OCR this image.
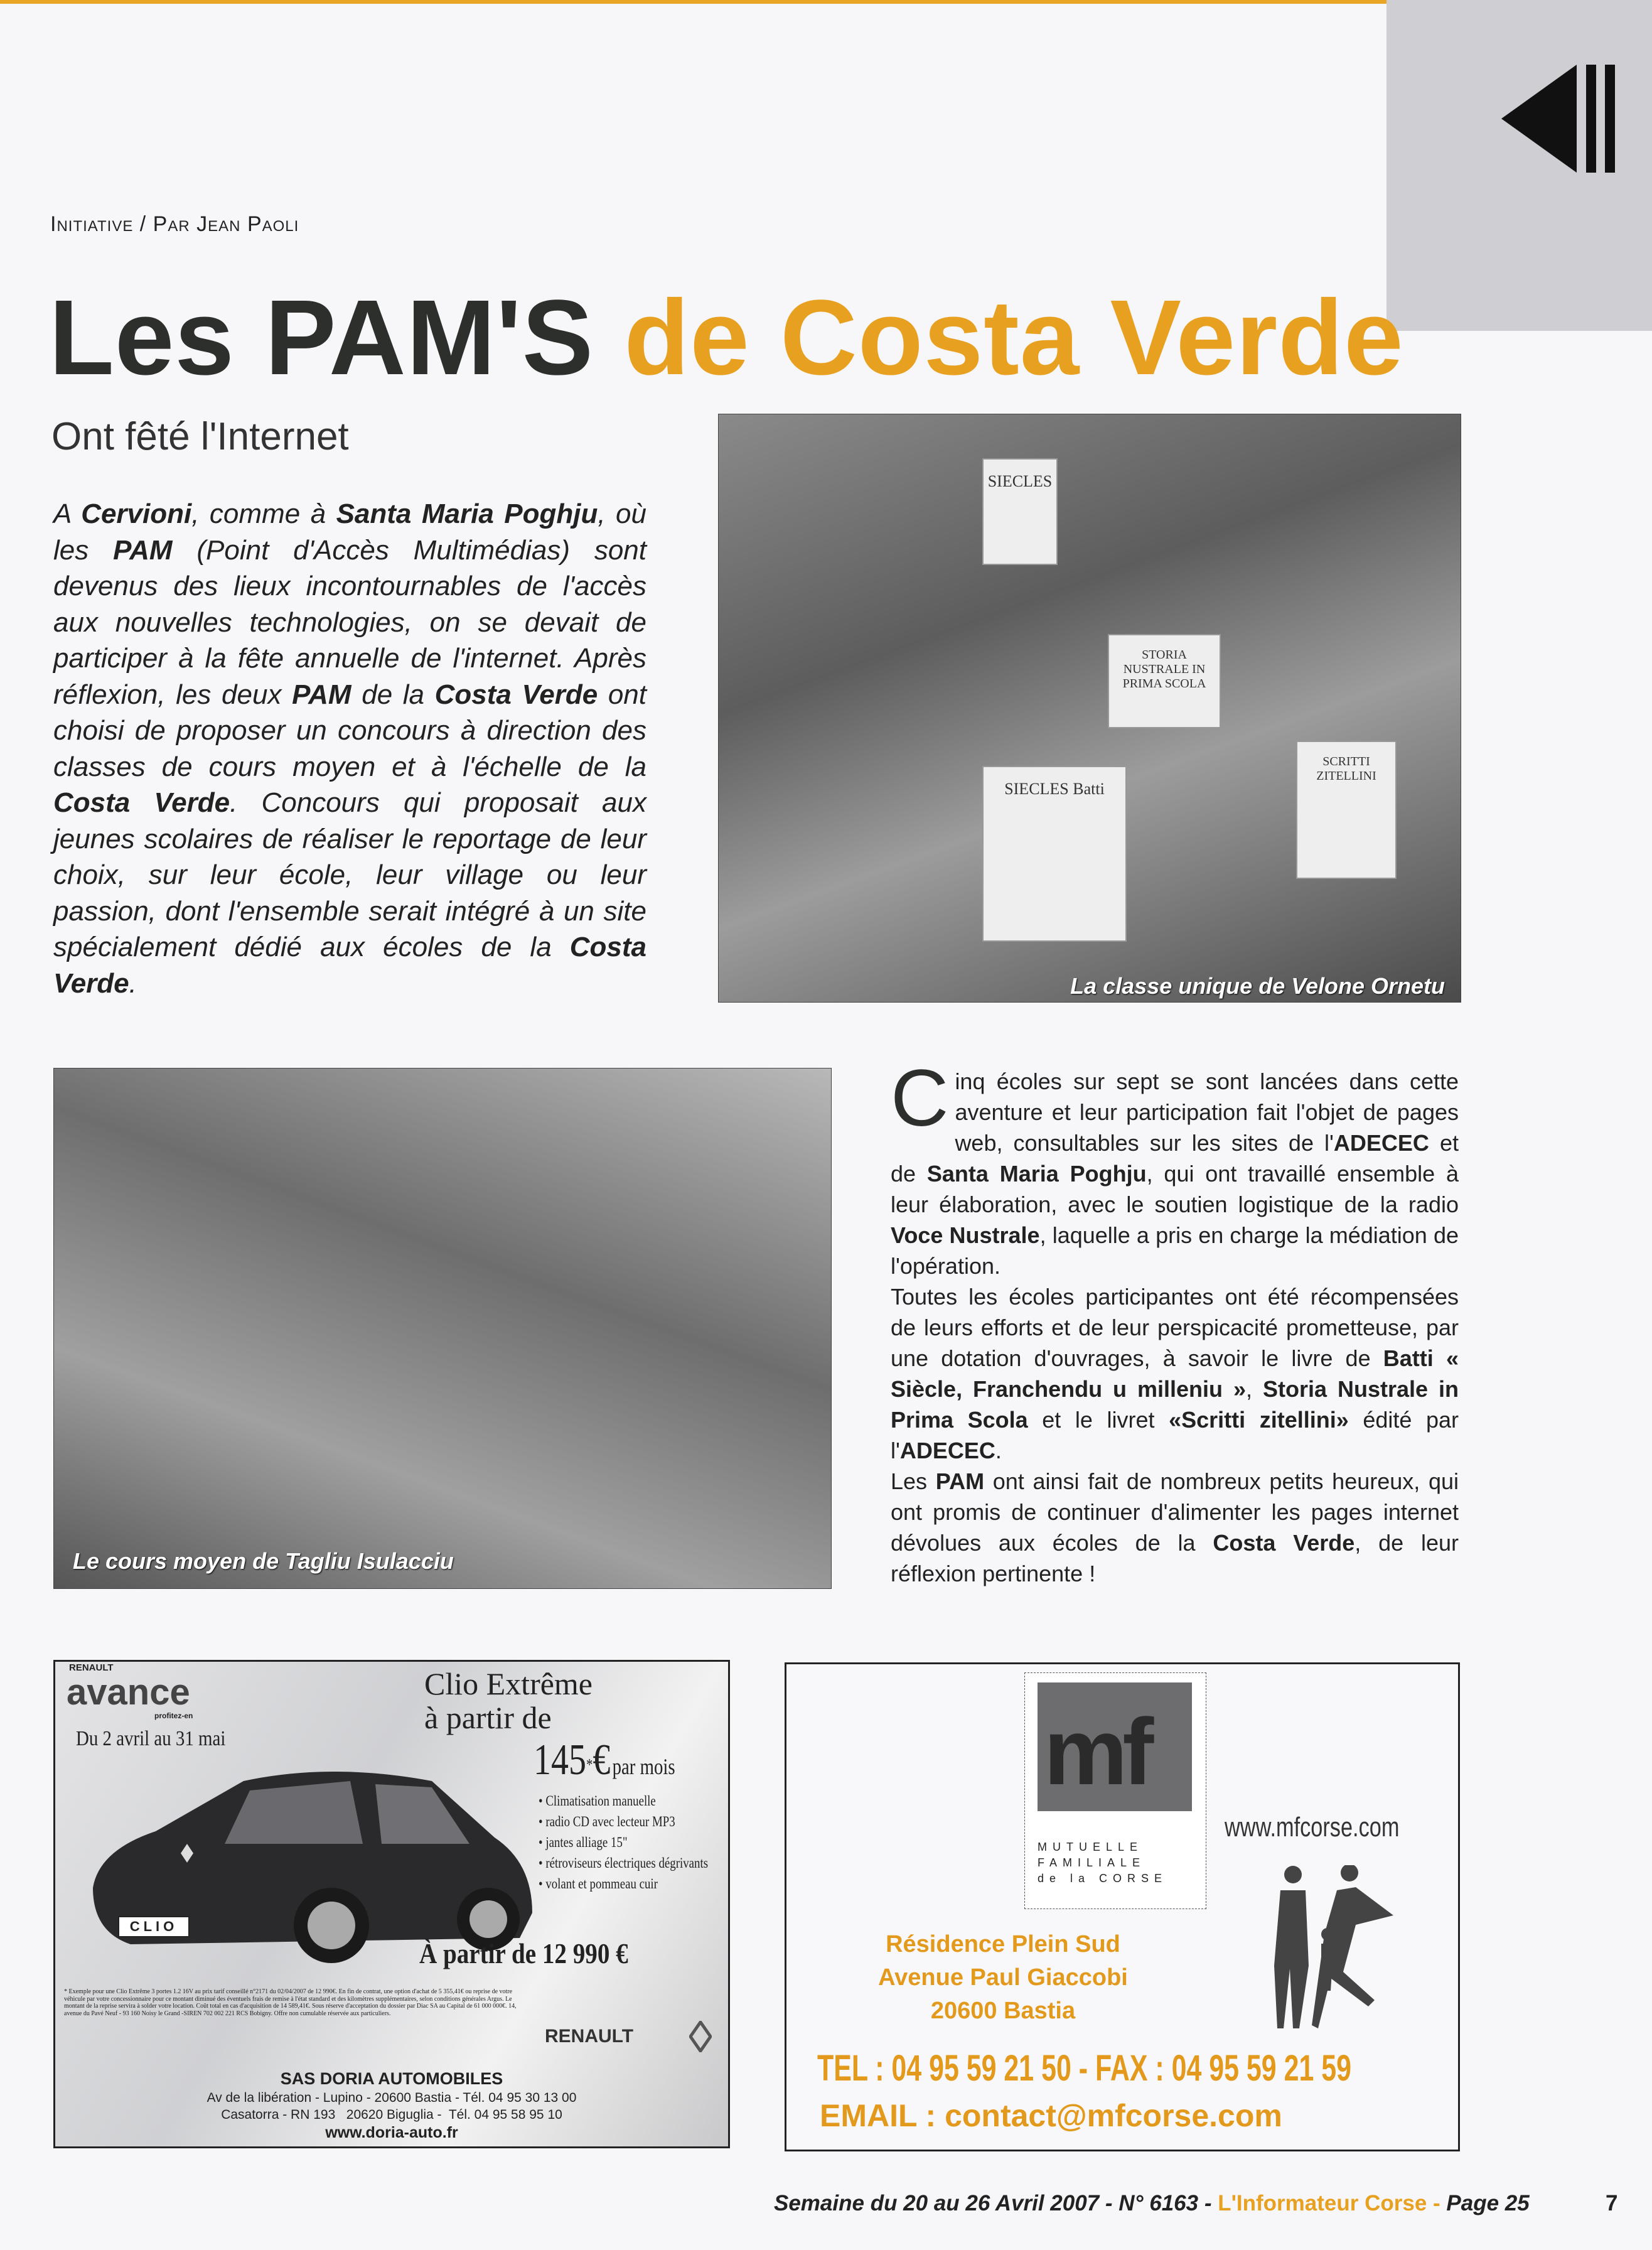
Initiative / Par Jean Paoli
Les PAM'S de Costa Verde
Ont fêté l'Internet
A Cervioni, comme à Santa Maria Poghju, où les PAM (Point d'Accès Multimédias) sont devenus des lieux incontournables de l'accès aux nouvelles technologies, on se devait de participer à la fête annuelle de l'internet. Après réflexion, les deux PAM de la Costa Verde ont choisi de proposer un concours à direction des classes de cours moyen et à l'échelle de la Costa Verde. Concours qui proposait aux jeunes scolaires de réaliser le reportage de leur choix, sur leur école, leur village ou leur passion, dont l'ensemble serait intégré à un site spécialement dédié aux écoles de la Costa Verde.
SIECLES
STORIA NUSTRALE IN PRIMA SCOLA
SCRITTI ZITELLINI
SIECLES Batti
La classe unique de Velone Ornetu
Le cours moyen de Tagliu Isulacciu
C inq écoles sur sept se sont lancées dans cette aventure et leur participation fait l'objet de pages web, consultables sur les sites de l'ADECEC et de Santa Maria Poghju, qui ont travaillé ensemble à leur élaboration, avec le soutien logistique de la radio Voce Nustrale, laquelle a pris en charge la médiation de l'opération.

Toutes les écoles participantes ont été récompensées de leurs efforts et de leur perspicacité prometteuse, par une dotation d'ouvrages, à savoir le livre de Batti « Siècle, Franchendu u milleniu », Storia Nustrale in Prima Scola et le livret «Scritti zitellini» édité par l'ADECEC.

Les PAM ont ainsi fait de nombreux petits heureux, qui ont promis de continuer d'alimenter les pages internet dévolues aux écoles de la Costa Verde, de leur réflexion pertinente !

RENAULT
avance
profitez-en
Du 2 avril au 31 mai
Clio Extrême
à partir de
145*€ par mois
CLIO
• Climatisation manuelle
• radio CD avec lecteur MP3
• jantes alliage 15"
• rétroviseurs électriques dégrivants
• volant et pommeau cuir
À partir de 12 990 €
* Exemple pour une Clio Extrême 3 portes 1.2 16V au prix tarif conseillé n°2171 du 02/04/2007 de 12 990€. En fin de contrat, une option d'achat de 5 355,41€ ou reprise de votre véhicule par votre concessionnaire pour ce montant diminué des éventuels frais de remise à l'état standard et des kilomètres supplémentaires, selon conditions générales Argus. Le montant de la reprise servira à solder votre location. Coût total en cas d'acquisition de 14 589,41€. Sous réserve d'acceptation du dossier par Diac SA au Capital de 61 000 000€. 14, avenue du Pavé Neuf - 93 160 Noisy le Grand -SIREN 702 002 221 RCS Bobigny. Offre non cumulable réservée aux particuliers.
RENAULT
SAS DORIA AUTOMOBILES
Av de la libération - Lupino - 20600 Bastia - Tél. 04 95 30 13 00
Casatorra - RN 193   20620 Biguglia -  Tél. 04 95 58 95 10
www.doria-auto.fr
mf
MUTUELLE
FAMILIALE
de la CORSE
www.mfcorse.com
Résidence Plein Sud
Avenue Paul Giaccobi
20600 Bastia
TEL : 04 95 59 21 50 - FAX : 04 95 59 21 59
EMAIL : contact@mfcorse.com
Semaine du 20 au 26 Avril 2007 - N° 6163 - L'Informateur Corse - Page 25	7
